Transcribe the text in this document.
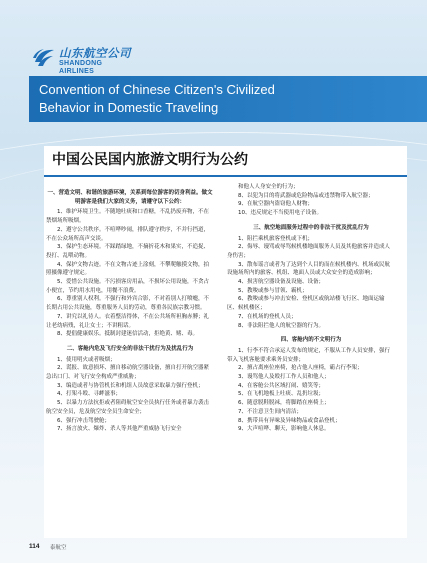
山东航空公司
SHANDONG
AIRLINES
Convention of Chinese Citizen's Civilized
Behavior in Domestic Traveling
中国公民国内旅游文明行为公约

一、营造文明、和谐的旅游环境，关系到每位游客的切身利益。做文明游客是我们大家的义务，请遵守以下公约：

1、维护环境卫生。不随地吐痰和口香糖，不乱扔废弃物，不在禁烟场所吸烟。

2、遵守公共秩序。不喧哗吵闹，排队遵守秩序，不并行挡道，不在公众场所高声交谈。

3、保护生态环境。不踩踏绿地，不摘折花木和果实，不追捉、投打、乱喂动物。

4、保护文物古迹。不在文物古迹上涂刻，不攀爬触摸文物，拍照摄像遵守规定。

5、爱惜公共设施。不污损客房用品，不损坏公用设施，不贪占小便宜，节约用水用电，用餐不浪费。

6、尊重别人权利。不强行和外宾合影，不对着别人打喷嚏，不长期占用公共设施，尊重服务人员的劳动，尊重各民族宗教习惯。

7、讲究以礼待人。衣着整洁得体，不在公共场所袒胸赤膊；礼让老幼病残，礼让女士；不讲粗话。

8、提倡健康娱乐。抵制封建迷信活动，拒绝黄、赌、毒。

二、客舱内危及飞行安全的非法干扰行为及扰乱行为

1、使用明火或者吸烟；

2、谎报、故意损坏、擅自移动航空器设备，擅自打开航空器紧急出口门、对飞行安全构成严重威胁；

3、编造或者与协管机长和机组人员故意采取暴力强行登机；

4、打架斗殴、寻衅滋事；

5、以暴力方法抗拒或者阻碍航空安全员执行任务或者暴力袭击航空安全员，危及航空安全员生命安全；

6、强行冲击驾驶舱；

7、扬言放火、爆炸、杀人等其他严重威胁飞行安全

和他人人身安全的行为；

8、以犯为目的将武器或危险物品或违禁物带入航空器；

9、在航空器内盗窃他人财物；

10、违反规定不当使用电子设备。

三、航空地面服务过程中的非法干扰及扰乱行为

1、阻拦乘机旅客登机或下机；

2、侮辱、谩骂或辱骂候机楼地面服务人员及其他旅客并造成人身伤害；

3、散布谣言或者为了达到个人目的而在候机楼内、机场或民航设施场所内的旅客、机组、地面人员或大众安全的造成影响；

4、损害航空器设备及设施、设备；

5、教唆或参与冒领、霸机；

6、教唆或参与冲击安检、登机区或航站楼飞行区、地面运输区、候机楼区；

7、在机场的登机人员；

8、非法阻拦他人的航空器的行为。

四、客舱内的不文明行为

1、行李不符合承运人发布的规定，不服从工作人员安排，强行带入飞机客舱要求乘务员安排；

2、擅占离座位座椅，抢占他人座椅，霸占行李架；

3、谩骂他人及殴打工作人员和他人；

4、在客舱公共区域打闹、嬉笑等；

5、在飞机地板上吐痰、乱扔垃圾；

6、随意脱鞋脱袜，将脚踏在座椅上；

7、不注意卫生间内清洁；

8、携带具有异味及异味物品或食品登机；

9、大声喧哗、聊天，影响他人休息。

114 泰航空
